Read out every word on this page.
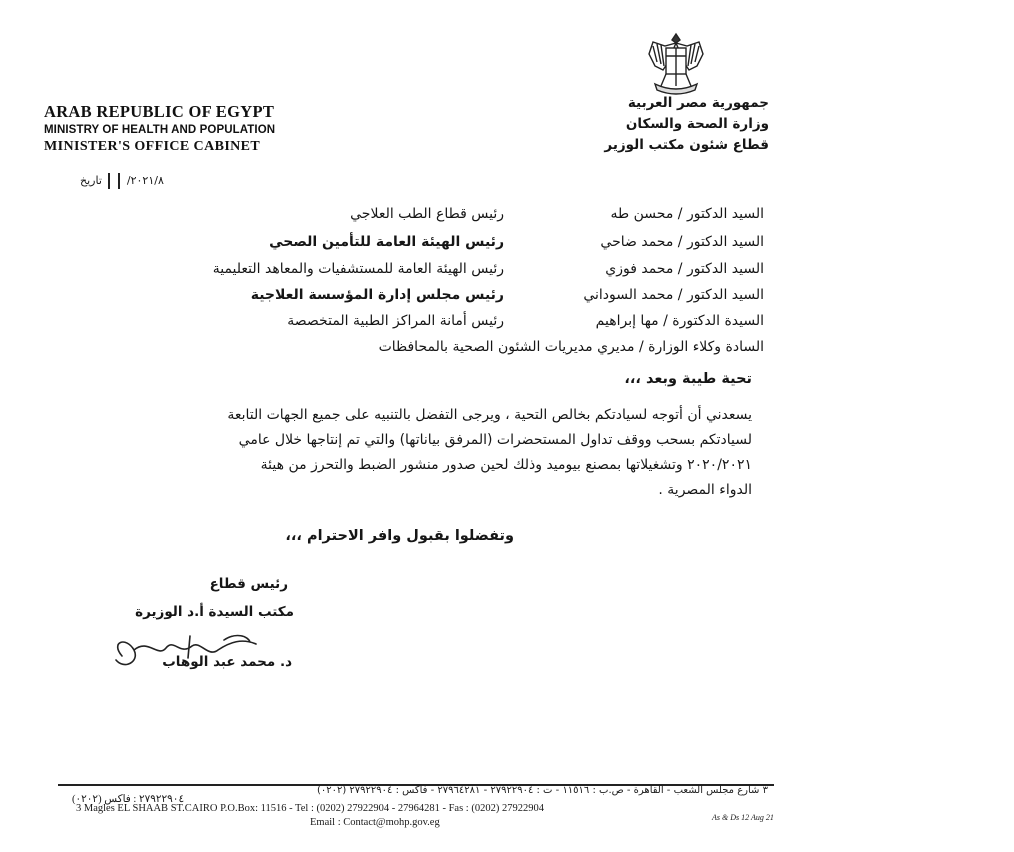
ARAB REPUBLIC OF EGYPT
MINISTRY OF HEALTH AND POPULATION
MINISTER'S OFFICE CABINET
جمهورية مصر العربية
وزارة الصحة والسكان
قطاع شئون مكتب الوزير
٢٠٢١/٨/  تاريخ
السيد الدكتور / محسن طهرئيس قطاع الطب العلاجي
السيد الدكتور / محمد ضاحيرئيس الهيئة العامة للتأمين الصحي
السيد الدكتور / محمد فوزيرئيس الهيئة العامة للمستشفيات والمعاهد التعليمية
السيد الدكتور / محمد السودانيرئيس مجلس إدارة المؤسسة العلاجية
السيدة الدكتورة / مها إبراهيمرئيس أمانة المراكز الطبية المتخصصة
السادة وكلاء الوزارة / مديري مديريات الشئون الصحية بالمحافظات
تحية طيبة وبعد ،،،
يسعدني أن أتوجه لسيادتكم بخالص التحية ، ويرجى التفضل بالتنبيه على جميع الجهات التابعة
لسيادتكم بسحب ووقف تداول المستحضرات (المرفق بياناتها) والتي تم إنتاجها خلال عامي
٢٠٢٠/٢٠٢١ وتشغيلاتها بمصنع بيوميد وذلك لحين صدور منشور الضبط والتحرز من هيئة
الدواء المصرية .
وتفضلوا بقبول وافر الاحترام ،،،
رئيس قطاع
مكتب السيدة أ.د الوزيرة
د. محمد عبد الوهاب
٣ شارع مجلس الشعب - القاهرة - ص.ب : ١١٥١٦ - ت : ٢٧٩٢٢٩٠٤ - ٢٧٩٦٤٢٨١ - فاكس : ٢٧٩٢٢٩٠٤ (٠٢٠٢)
(٠٢٠٢) ٢٧٩٢٢٩٠٤ : فاكس
3 Magles EL SHAAB ST.CAIRO P.O.Box: 11516 - Tel : (0202) 27922904 - 27964281 - Fas : (0202) 27922904
Email : Contact@mohp.gov.eg	As & Ds 12 Aug 21
